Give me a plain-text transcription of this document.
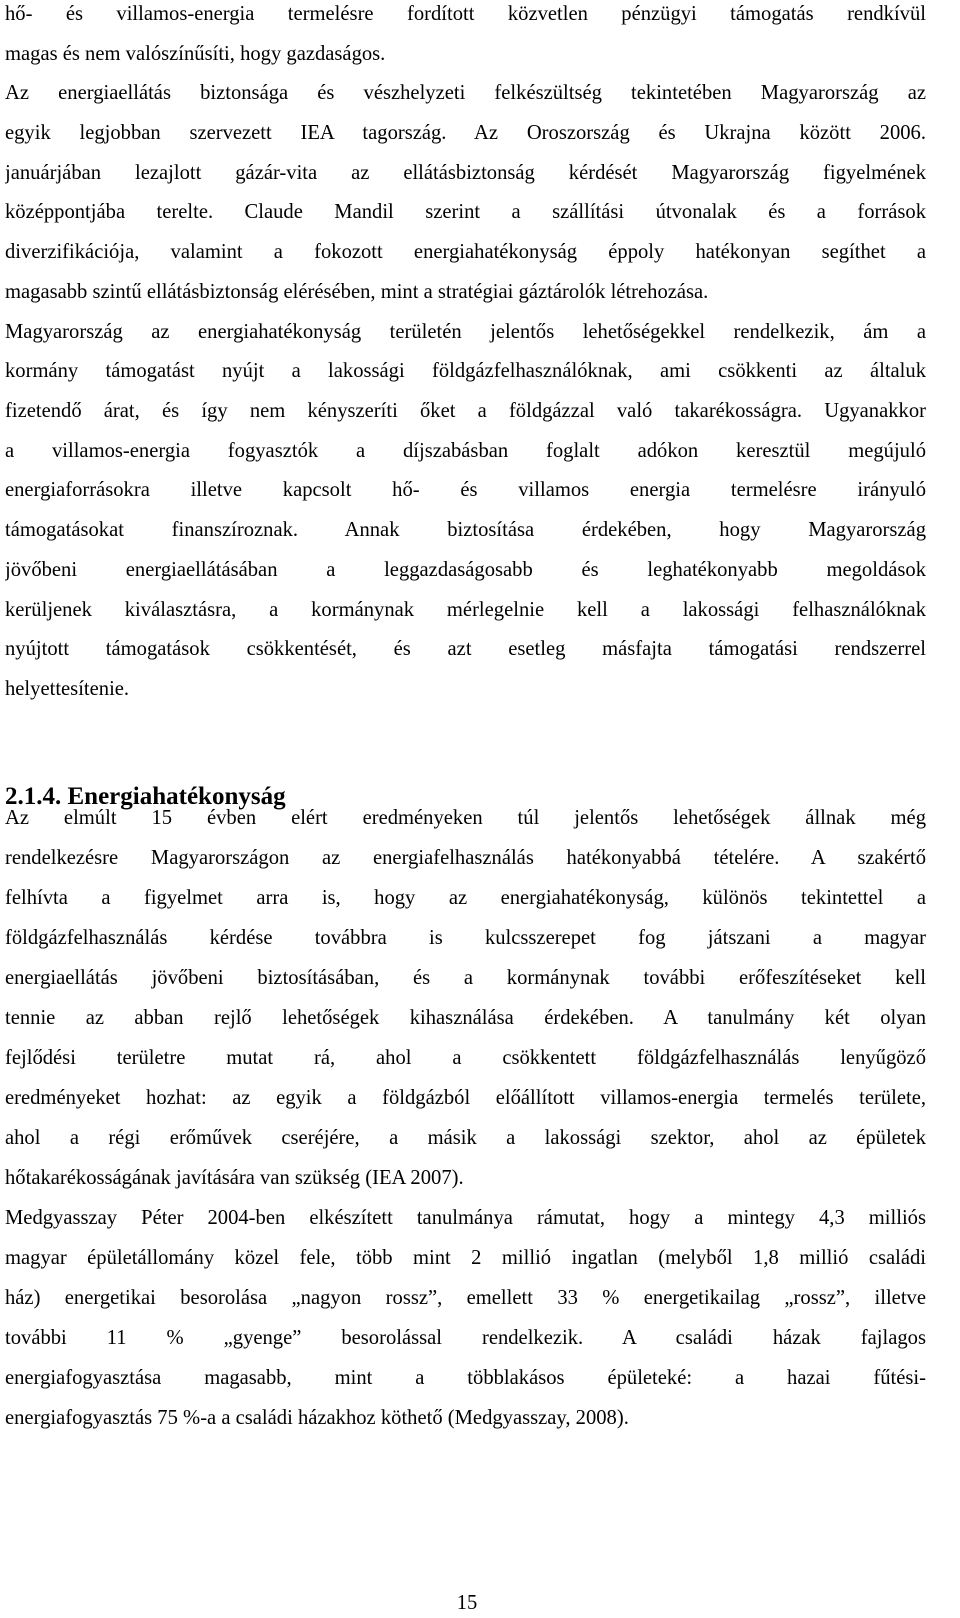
hő- és villamos-energia termelésre fordított közvetlen pénzügyi támogatás rendkívül
magas és nem valószínűsíti, hogy gazdaságos.
Az energiaellátás biztonsága és vészhelyzeti felkészültség tekintetében Magyarország az
egyik legjobban szervezett IEA tagország. Az Oroszország és Ukrajna között 2006.
januárjában lezajlott gázár-vita az ellátásbiztonság kérdését Magyarország figyelmének
középpontjába terelte. Claude Mandil szerint a szállítási útvonalak és a források
diverzifikációja, valamint a fokozott energiahatékonyság éppoly hatékonyan segíthet a
magasabb szintű ellátásbiztonság elérésében, mint a stratégiai gáztárolók létrehozása.
Magyarország az energiahatékonyság területén jelentős lehetőségekkel rendelkezik, ám a
kormány támogatást nyújt a lakossági földgázfelhasználóknak, ami csökkenti az általuk
fizetendő árat, és így nem kényszeríti őket a földgázzal való takarékosságra. Ugyanakkor
a villamos-energia fogyasztók a díjszabásban foglalt adókon keresztül megújuló
energiaforrásokra illetve kapcsolt hő- és villamos energia termelésre irányuló
támogatásokat finanszíroznak. Annak biztosítása érdekében, hogy Magyarország
jövőbeni energiaellátásában a leggazdaságosabb és leghatékonyabb megoldások
kerüljenek kiválasztásra, a kormánynak mérlegelnie kell a lakossági felhasználóknak
nyújtott támogatások csökkentését, és azt esetleg másfajta támogatási rendszerrel
helyettesítenie.
2.1.4. Energiahatékonyság
Az elmúlt 15 évben elért eredményeken túl jelentős lehetőségek állnak még
rendelkezésre Magyarországon az energiafelhasználás hatékonyabbá tételére. A szakértő
felhívta a figyelmet arra is, hogy az energiahatékonyság, különös tekintettel a
földgázfelhasználás kérdése továbbra is kulcsszerepet fog játszani a magyar
energiaellátás jövőbeni biztosításában, és a kormánynak további erőfeszítéseket kell
tennie az abban rejlő lehetőségek kihasználása érdekében. A tanulmány két olyan
fejlődési területre mutat rá, ahol a csökkentett földgázfelhasználás lenyűgöző
eredményeket hozhat: az egyik a földgázból előállított villamos-energia termelés területe,
ahol a régi erőművek cseréjére, a másik a lakossági szektor, ahol az épületek
hőtakarékosságának javítására van szükség (IEA 2007).
Medgyasszay Péter 2004-ben elkészített tanulmánya rámutat, hogy a mintegy 4,3 milliós
magyar épületállomány közel fele, több mint 2 millió ingatlan (melyből 1,8 millió családi
ház) energetikai besorolása „nagyon rossz”, emellett 33 % energetikailag „rossz”, illetve
további 11 % „gyenge” besorolással rendelkezik. A családi házak fajlagos
energiafogyasztása magasabb, mint a többlakásos épületeké: a hazai fűtési-
energiafogyasztás 75 %-a a családi házakhoz köthető (Medgyasszay, 2008).
15
